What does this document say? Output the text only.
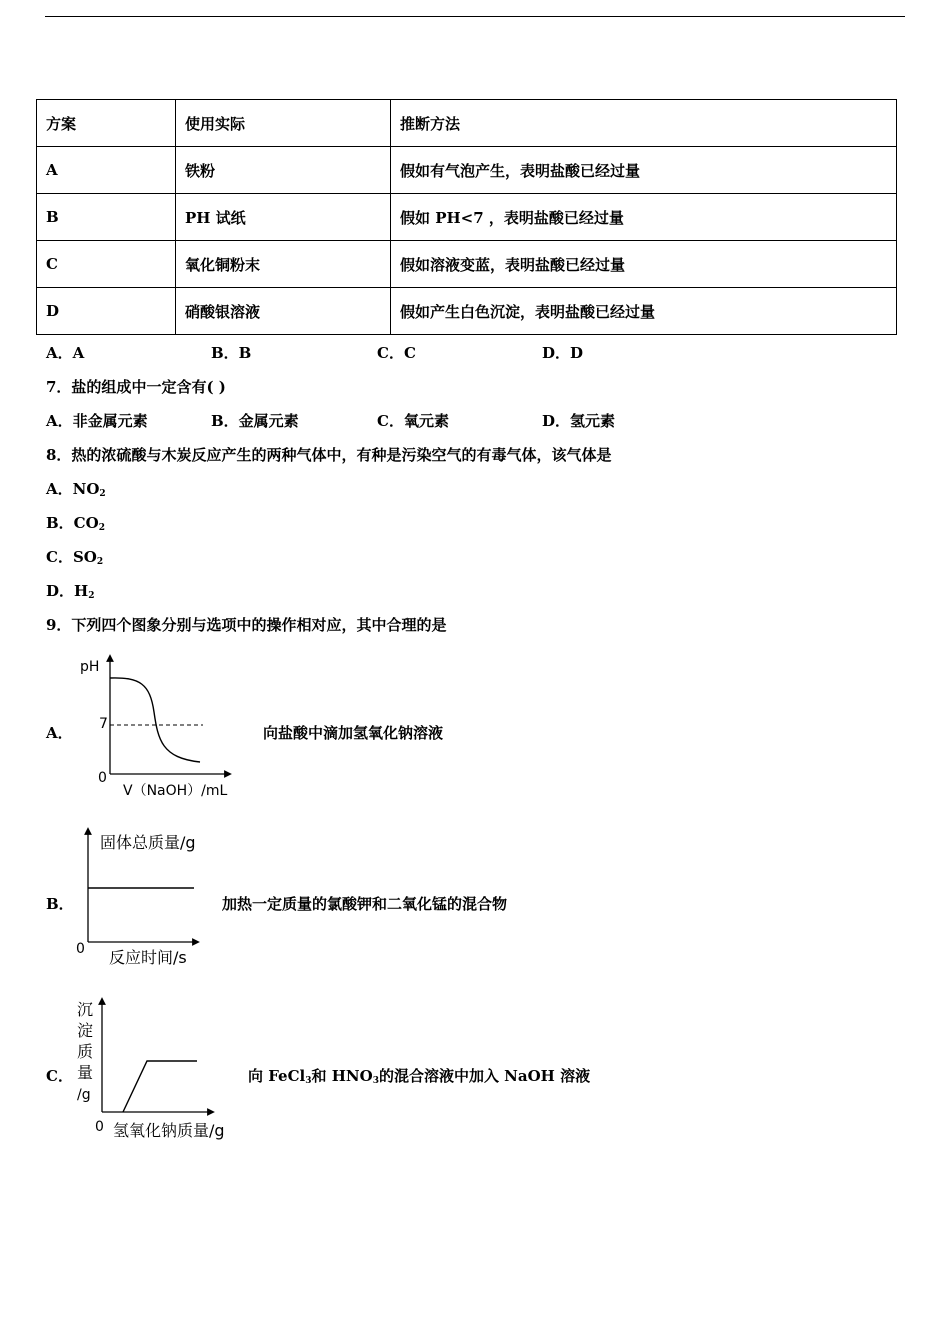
方案	使用实际	推断方法
A	铁粉	假如有气泡产生，表明盐酸已经过量
B	PH 试纸	假如 PH<7 ，表明盐酸已经过量
C	氧化铜粉末	假如溶液变蓝，表明盐酸已经过量
D	硝酸银溶液	假如产生白色沉淀，表明盐酸已经过量
A．A	B．B	C．C	D．D
7．盐的组成中一定含有( )
A．非金属元素	B．金属元素	C．氧元素	D．氢元素
8．热的浓硫酸与木炭反应产生的两种气体中，有种是污染空气的有毒气体，该气体是
A．$NO_2$
B．$CO_2$
C．$SO_2$
D．$H_2$
9．下列四个图象分别与选项中的操作相对应，其中合理的是
A．
pH
7
0
V（NaOH）/mL
向盐酸中滴加氢氧化钠溶液
B．
固体总质量/g
0 反应时间/s
加热一定质量的氯酸钾和二氧化锰的混合物
C．
沉
淀
质
量
/g
0 氢氧化钠质量/g
向 FeCl$_3$和 $HNO_3$的混合溶液中加入 NaOH 溶液
